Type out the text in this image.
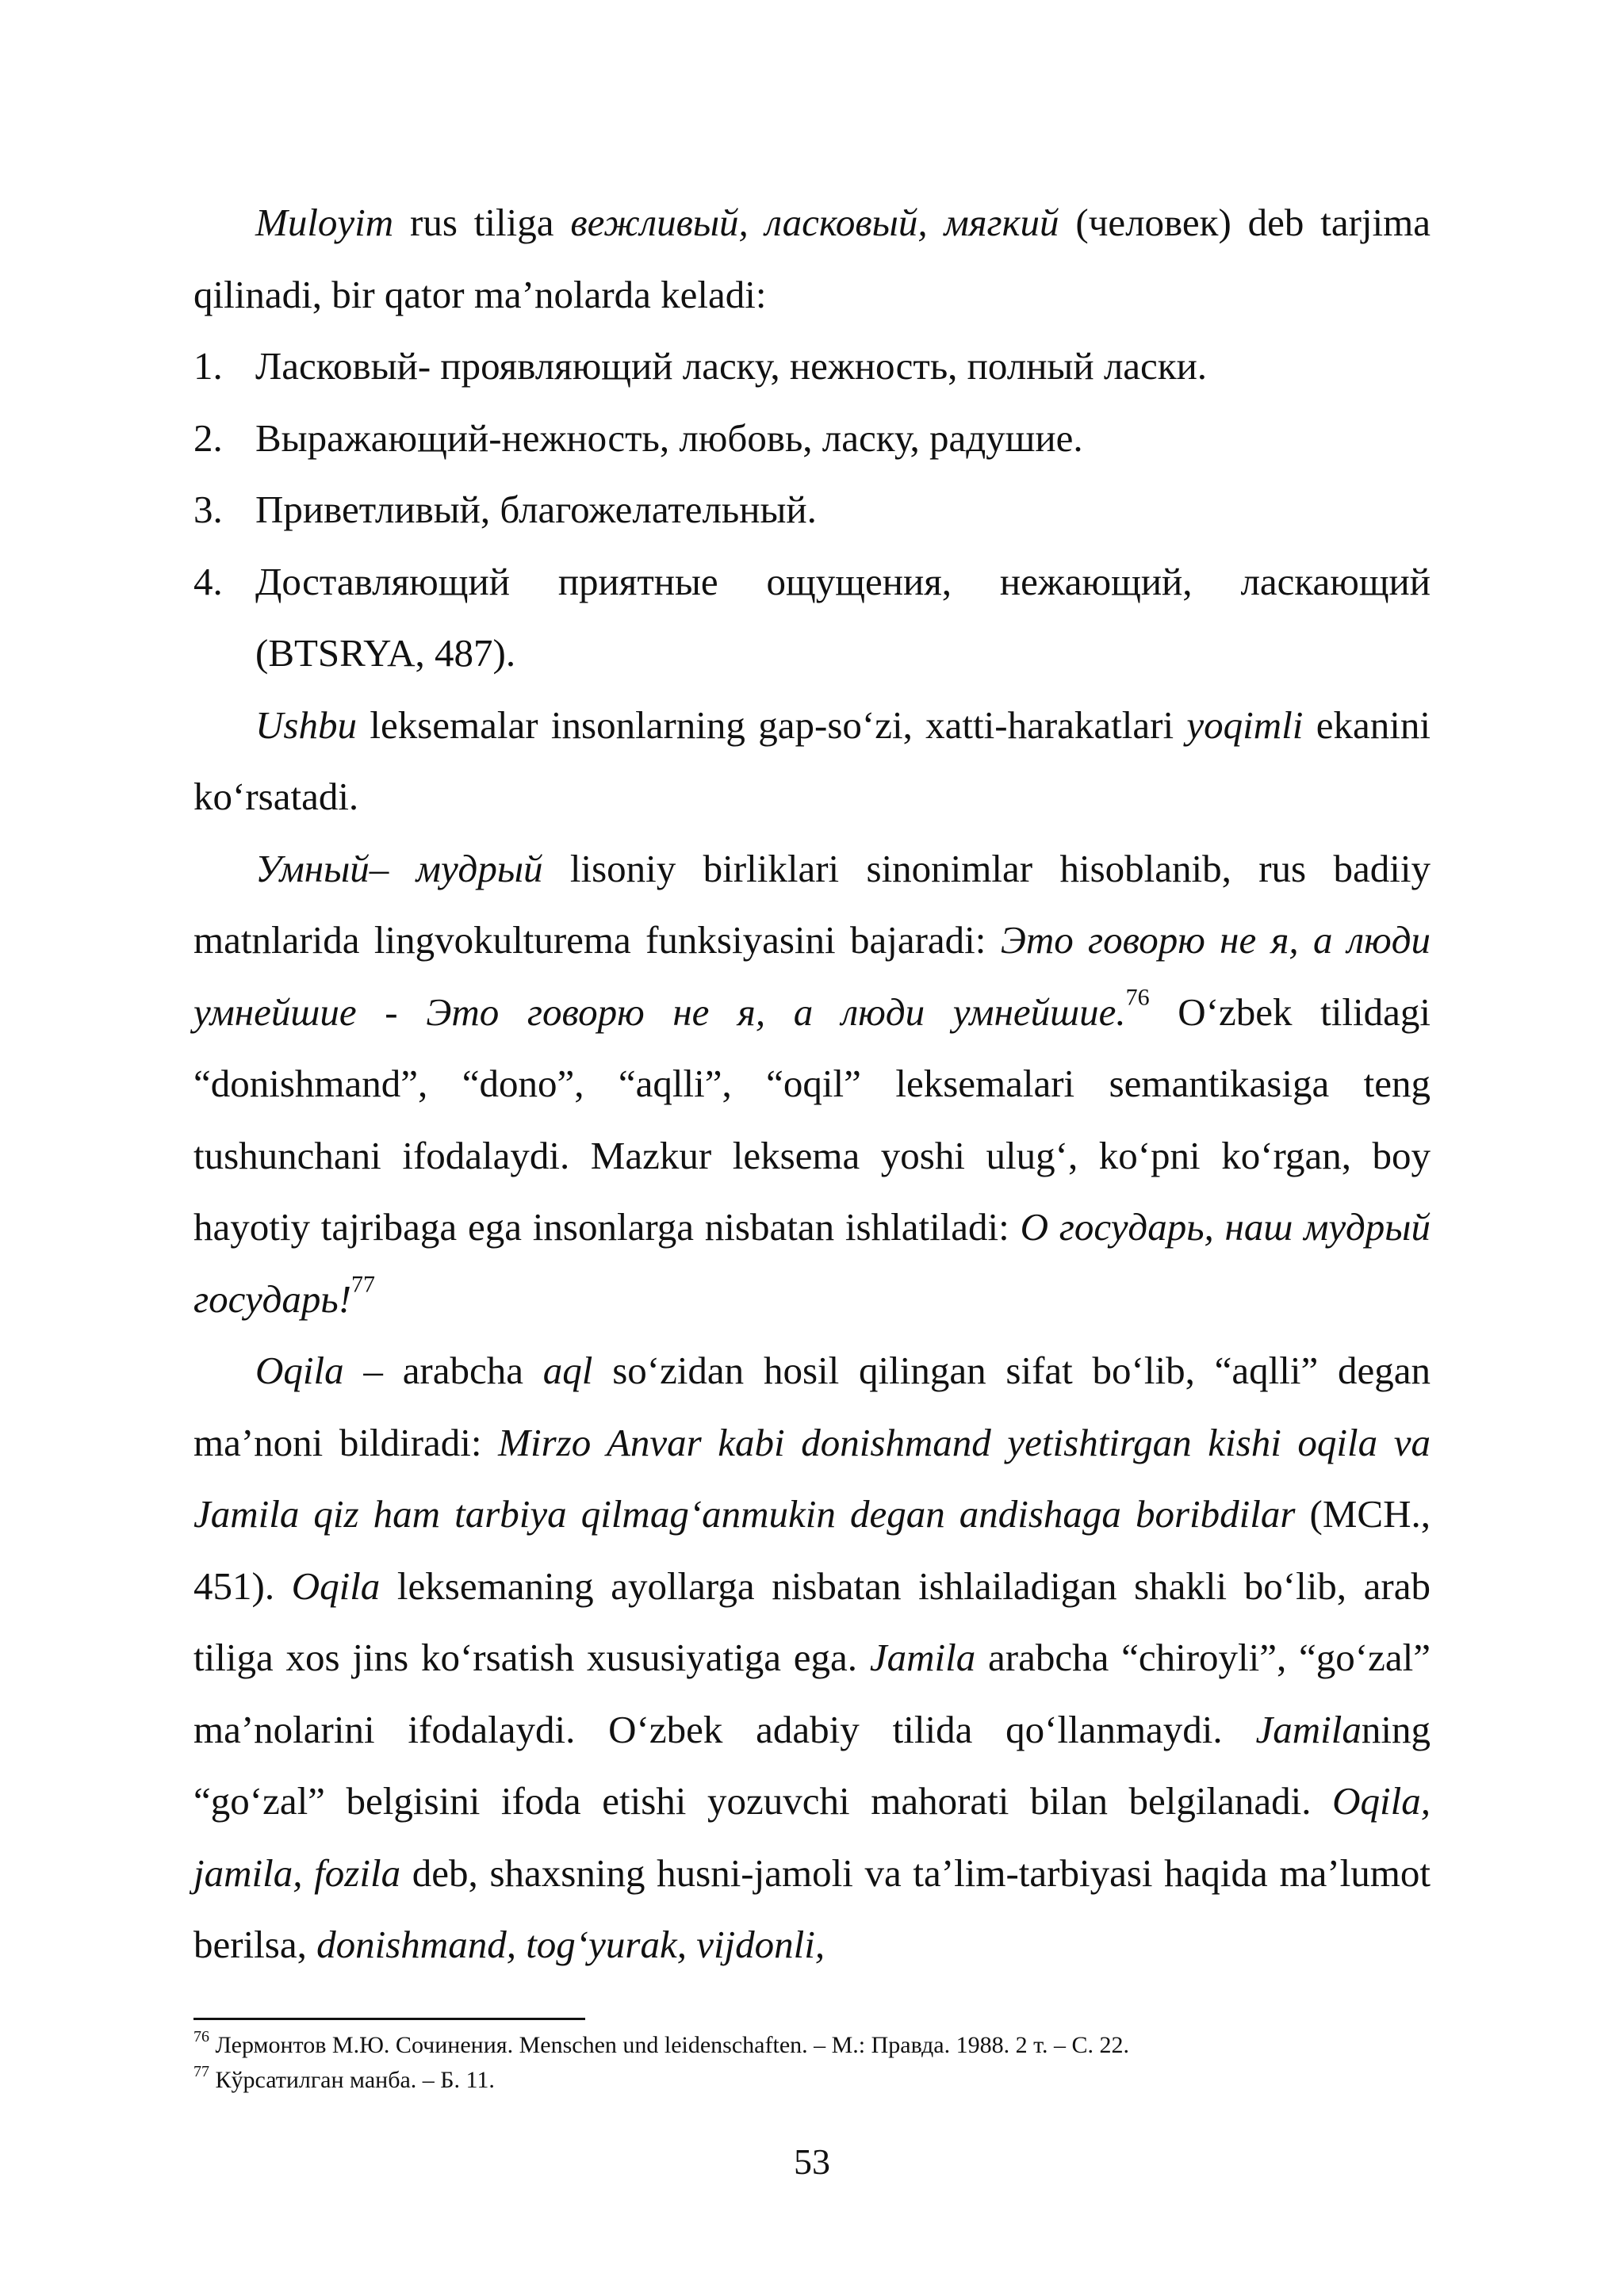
Muloyim rus tiliga вежливый, ласковый, мягкий (человек) deb tarjima qilinadi, bir qator ma’nolarda keladi:

1. Ласковый- проявляющий ласку, нежность, полный ласки.
2. Выражающий-нежность, любовь, ласку, радушие.
3. Приветливый, благожелательный.
4. Доставляющий приятные ощущения, нежающий, ласкающий (BTSRYA, 487).

Ushbu leksemalar insonlarning gap-so‘zi, xatti-harakatlari yoqimli ekanini ko‘rsatadi.

Умный– мудрый lisoniy birliklari sinonimlar hisoblanib, rus badiiy matnlarida lingvokulturema funksiyasini bajaradi: Это говорю не я, а люди умнейшие - Это говорю не я, а люди умнейшие.$^{76}$ O‘zbek tilidagi “donishmand”, “dono”, “aqlli”, “oqil” leksemalari semantikasiga teng tushunchani ifodalaydi. Mazkur leksema yoshi ulug‘, ko‘pni ko‘rgan, boy hayotiy tajribaga ega insonlarga nisbatan ishlatiladi: О государь, наш мудрый государь!$^{77}$

Oqila – arabcha aql so‘zidan hosil qilingan sifat bo‘lib, “aqlli” degan ma’noni bildiradi: Mirzo Anvar kabi donishmand yetishtirgan kishi oqila va Jamila qiz ham tarbiya qilmag‘anmukin degan andishaga boribdilar (MCH., 451). Oqila leksemaning ayollarga nisbatan ishlailadigan shakli bo‘lib, arab tiliga xos jins ko‘rsatish xususiyatiga ega. Jamila arabcha “chiroyli”, “go‘zal” ma’nolarini ifodalaydi. O‘zbek adabiy tilida qo‘llanmaydi. Jamilaning “go‘zal” belgisini ifoda etishi yozuvchi mahorati bilan belgilanadi. Oqila, jamila, fozila deb, shaxsning husni-jamoli va ta’lim-tarbiyasi haqida ma’lumot berilsa, donishmand, tog‘yurak, vijdonli,

$^{76}$ Лермонтов М.Ю. Сочинения. Menschen und leidenschaften. – М.: Правда. 1988. 2 т. – С. 22.

$^{77}$ Кўрсатилган манба. – Б. 11.

53
